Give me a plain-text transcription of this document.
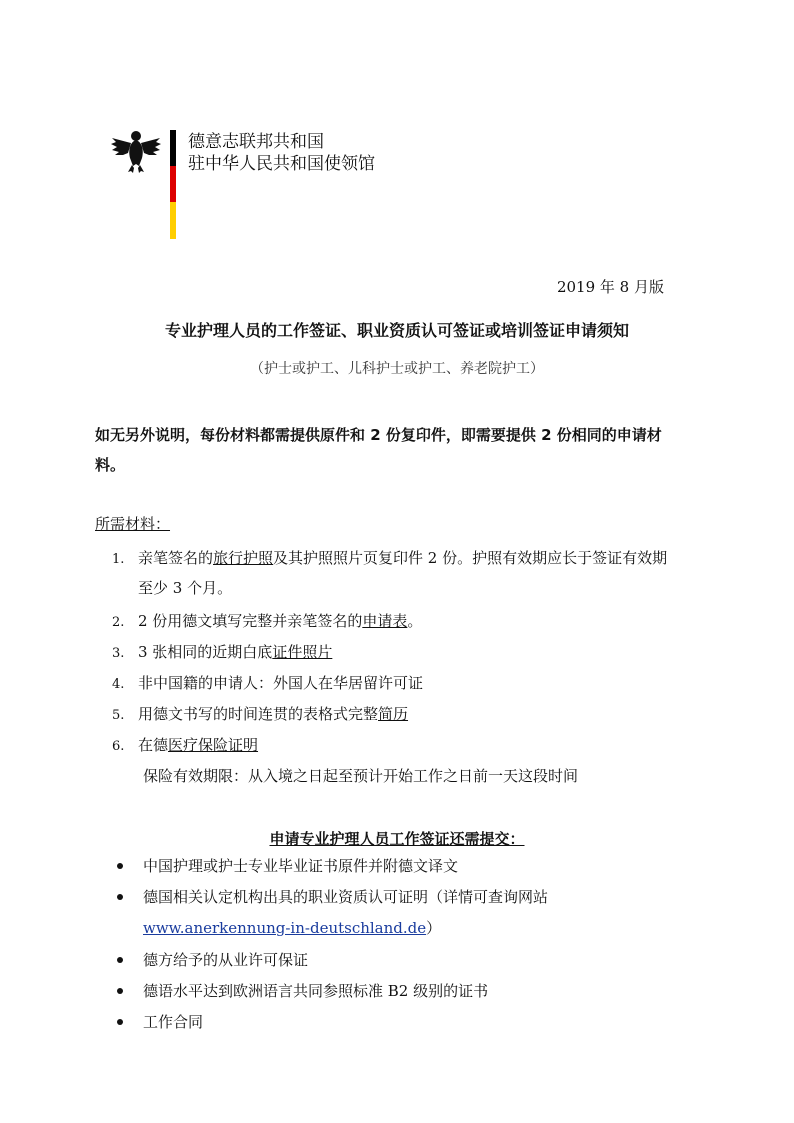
德意志联邦共和国
驻中华人民共和国使领馆
2019 年 8 月版
专业护理人员的工作签证、职业资质认可签证或培训签证申请须知
（护士或护工、儿科护士或护工、养老院护工）
如无另外说明，每份材料都需提供原件和 2 份复印件，即需要提供 2 份相同的申请材
料。
所需材料：
1. 亲笔签名的旅行护照及其护照照片页复印件 2 份。护照有效期应长于签证有效期
至少 3 个月。
2. 2 份用德文填写完整并亲笔签名的申请表。
3. 3 张相同的近期白底证件照片
4. 非中国籍的申请人：外国人在华居留许可证
5. 用德文书写的时间连贯的表格式完整简历
6. 在德医疗保险证明
保险有效期限：从入境之日起至预计开始工作之日前一天这段时间
申请专业护理人员工作签证还需提交：
中国护理或护士专业毕业证书原件并附德文译文
德国相关认定机构出具的职业资质认可证明（详情可查询网站
www.anerkennung-in-deutschland.de）
德方给予的从业许可保证
德语水平达到欧洲语言共同参照标准 B2 级别的证书
工作合同
